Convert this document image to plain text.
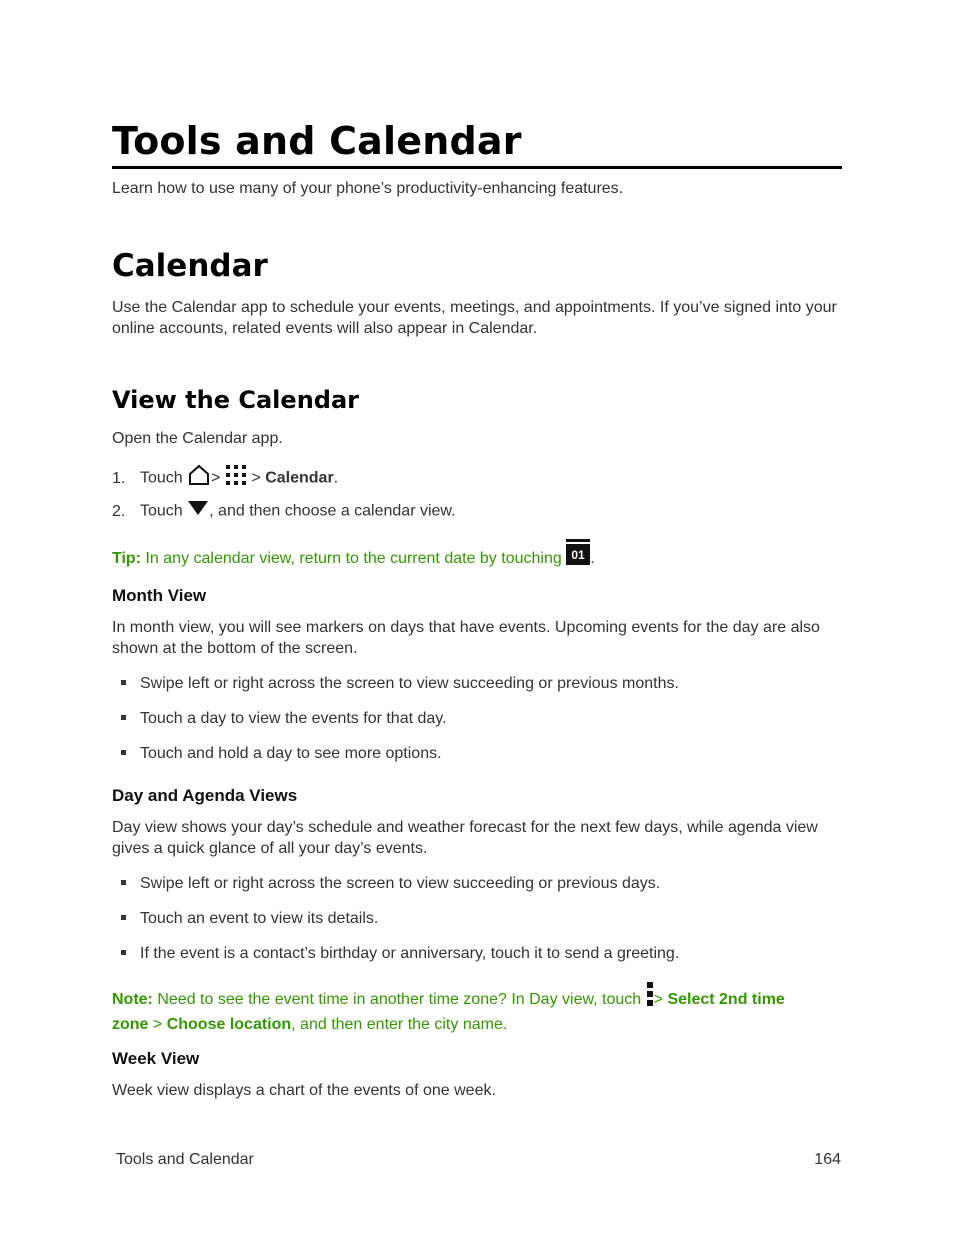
Tools and Calendar

Learn how to use many of your phone’s productivity-enhancing features.

Calendar

Use the Calendar app to schedule your events, meetings, and appointments. If you’ve signed into your online accounts, related events will also appear in Calendar.

View the Calendar

Open the Calendar app.

1. Touch > > Calendar.
2. Touch , and then choose a calendar view.
Tip: In any calendar view, return to the current date by touching 01 .
Month View

In month view, you will see markers on days that have events. Upcoming events for the day are also shown at the bottom of the screen.

Swipe left or right across the screen to view succeeding or previous months.
Touch a day to view the events for that day.
Touch and hold a day to see more options.
Day and Agenda Views

Day view shows your day’s schedule and weather forecast for the next few days, while agenda view gives a quick glance of all your day’s events.

Swipe left or right across the screen to view succeeding or previous days.
Touch an event to view its details.
If the event is a contact’s birthday or anniversary, touch it to send a greeting.
Note: Need to see the event time in another time zone? In Day view, touch > Select 2nd time
zone > Choose location, and then enter the city name.
Week View

Week view displays a chart of the events of one week.

Tools and Calendar	164
